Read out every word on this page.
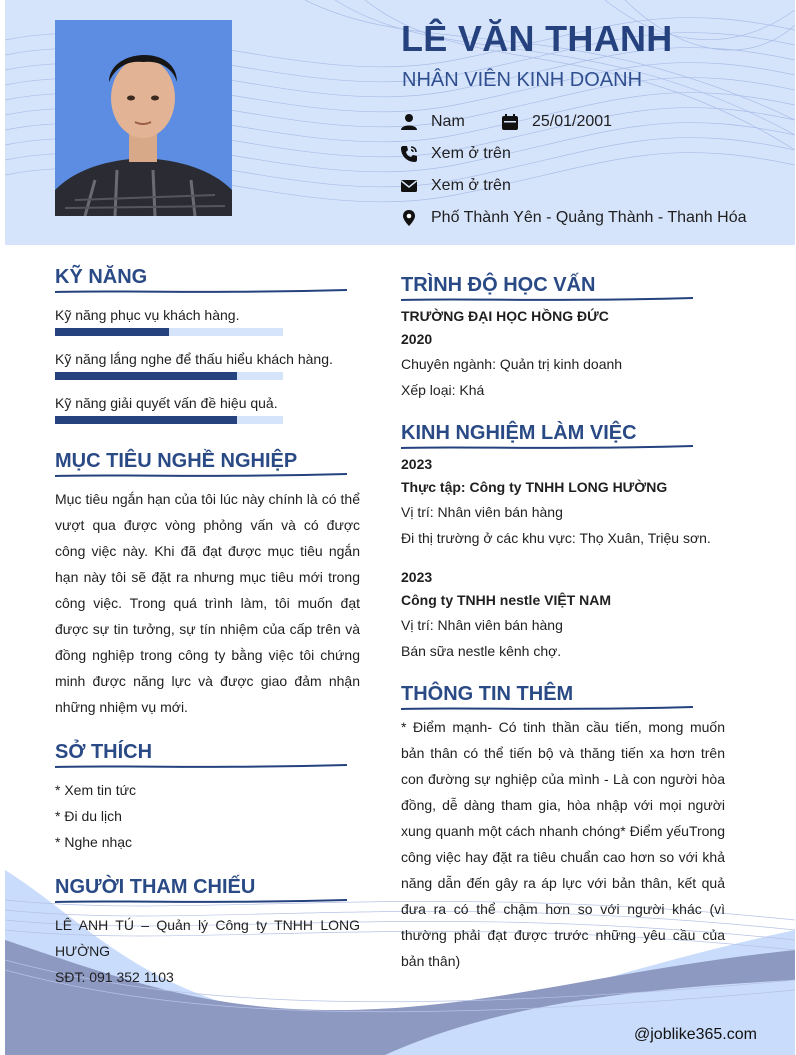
LÊ VĂN THANH
NHÂN VIÊN KINH DOANH
Nam	25/01/2001
Xem ở trên
Xem ở trên
Phố Thành Yên - Quảng Thành - Thanh Hóa
KỸ NĂNG
Kỹ năng phục vụ khách hàng.
Kỹ năng lắng nghe để thấu hiểu khách hàng.
Kỹ năng giải quyết vấn đề hiệu quả.
MỤC TIÊU NGHỀ NGHIỆP
Mục tiêu ngắn hạn của tôi lúc này chính là có thể vượt qua được vòng phỏng vấn và có được công việc này. Khi đã đạt được mục tiêu ngắn hạn này tôi sẽ đặt ra nhưng mục tiêu mới trong công việc. Trong quá trình làm, tôi muốn đạt được sự tin tưởng, sự tín nhiệm của cấp trên và đồng nghiệp trong công ty bằng việc tôi chứng minh được năng lực và được giao đảm nhận những nhiệm vụ mới.
SỞ THÍCH
* Xem tin tức
* Đi du lịch
* Nghe nhạc
NGƯỜI THAM CHIẾU
LÊ ANH TÚ – Quản lý Công ty TNHH LONG HƯỜNG
SĐT: 091 352 1103
TRÌNH ĐỘ HỌC VẤN
TRƯỜNG ĐẠI HỌC HỒNG ĐỨC
2020
Chuyên ngành: Quản trị kinh doanh
Xếp loại: Khá
KINH NGHIỆM LÀM VIỆC
2023
Thực tập: Công ty TNHH LONG HƯỜNG
Vị trí: Nhân viên bán hàng
Đi thị trường ở các khu vực: Thọ Xuân, Triệu sơn.
2023
Công ty TNHH nestle VIỆT NAM
Vị trí: Nhân viên bán hàng
Bán sữa nestle kênh chợ.
THÔNG TIN THÊM
* Điểm mạnh- Có tinh thần cầu tiến, mong muốn bản thân có thể tiến bộ và thăng tiến xa hơn trên con đường sự nghiệp của mình - Là con người hòa đồng, dễ dàng tham gia, hòa nhập với mọi người xung quanh một cách nhanh chóng* Điểm yếuTrong công việc hay đặt ra tiêu chuẩn cao hơn so với khả năng dẫn đến gây ra áp lực với bản thân, kết quả đưa ra có thể chậm hơn so với người khác (vì thường phải đạt được trước những yêu cầu của bản thân)
@joblike365.com
